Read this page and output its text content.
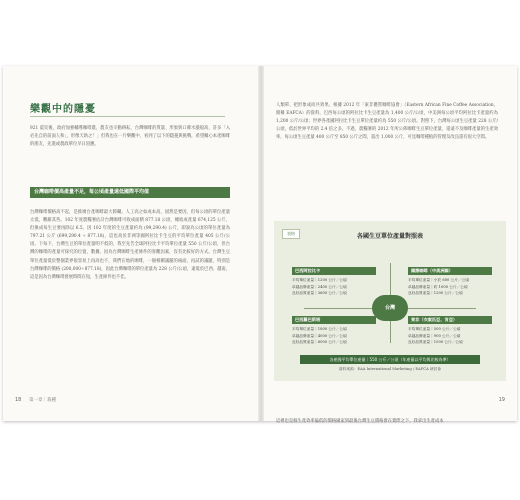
樂觀中的隱憂

921 震災後，政府加強輔導咖啡農，農友也辛勤耕耘，台灣咖啡的質量、形象與口碑水漲船高，許多「入必先自的前面人和」，形像天助之！」但我也在一片樂觀中，看到了以下的隱憂與挑戰，希望關心本產咖啡的朋友，先進或農政單位早日因應。

台灣咖啡價高產量不足，每公頃產量遠低國際平均值

台灣咖啡價格高不起，是推廣台產咖啡最大障礙。人工高之如成本高，固然是要因，但每公頃的單位產量太低，難辭其咎。102 年度農糧署估計台灣咖啡可收成面積 877.18 公頃，總收成產量 674,125 公斤，但換成每生豆要再除以 6.5，因 102 年度的生豆產量約為 (99,290.4) 公斤，即說為公頃的單位產量為 797.21 公斤 (699,290.4 ÷ 877.18)，這也高於非洲等國阿拉比卡生豆的平均單位產量 405 公斤/公頃。下每下，台灣生豆的單位產量明不低的，我至先告全球阿拉比卡平均單位產量 550 公斤/公頃，但台灣的咖啡的產量可探究的位置，數據，因為台灣咖啡生產條件的客觀因素，沒有比較好的方式。台灣生豆單位產量低於整個業界很容易上再高也不，我們在地的咖啡，一個相關議題的兩面，再試的議題，特別是台灣咖啡的價格 (200,000÷877.18)，因此台灣咖啡的單位產量為 228 公斤/公頃，遠低於巴西、越南，這是因為台灣咖啡發展時間在短，生產條件也不佳。

18 第一章｜栽種

人類單、把形象成而共效果。根據 2012 年「東非優質咖啡協會」（Eastern African Fine Coffee Association，簡稱 EAFCA）的資料，巴西每公頃的阿拉比卡生豆產量為 1,400 公斤/公頃，中美洲每公頃平均阿拉比卡產量約為 1,200 公斤/公頃；世界各產國阿拉比卡生豆單位產量約為 550 公斤/公頃。對照下，台灣每公頃生豆產量 228 公斤/公頃，低於世界平均的 2.4 倍之多。不過，農糧署的 2012 年所公佈咖啡生豆單位產量，還遠不及咖啡產量的生產效率，每公頃生豆產量 400 公斤至 850 公斤之間，超出 1,000 公斤，可見咖啡種植的管理及改良還有很大空間。

表格	各國生豆單位產量對照表
台灣
巴西阿拉比卡
平均單位產量｜1200 公斤／公頃
卓越品牌產量｜2400 公斤／公頃
良好品質產量｜3600 公斤／公頃
國際咖啡（中美洲國）
平均單位產量｜小於 600 公斤／公頃
卓越品牌產量｜約 1000 公斤／公頃
良好品質產量｜1200 公斤／公頃
巴西羅巴斯塔
平均單位產量｜1800 公斤／公頃
卓越品牌產量｜4000 公斤／公頃
良好品質產量｜6000 公斤／公頃
東非（衣索匹亞、肯亞）
平均單位產量｜500 公斤／公頃
卓越品牌產量｜900 公斤／公頃
良好品質產量｜1500 公斤／公頃
各產國平均單位產量｜550 公斤／公頃（年產量以平均與比較為準）
資料來源：EAA International Marketing / EAFCA 研討會

這裡也是個生產效率偏低的價格國家到最後台灣生豆價格會在實際之下，我拿出生產成本

19
